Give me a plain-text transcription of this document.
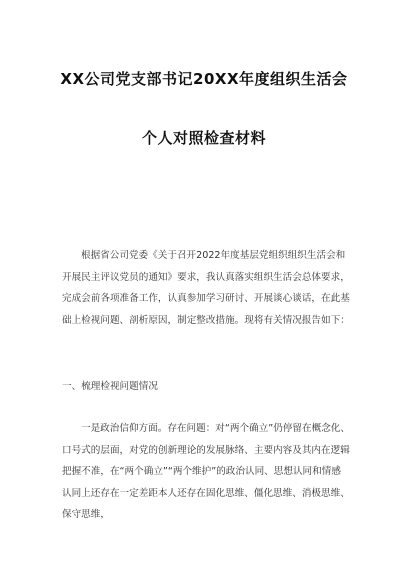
XX公司党支部书记20XX年度组织生活会
个人对照检查材料
根据省公司党委《关于召开2022年度基层党组织组织生活会和开展民主评议党员的通知》要求，我认真落实组织生活会总体要求，完成会前各项准备工作，认真参加学习研讨、开展谈心谈话，在此基础上检视问题、剖析原因，制定整改措施。现将有关情况报告如下：
一、梳理检视问题情况
一是政治信仰方面。存在问题：对“两个确立”仍停留在概念化、口号式的层面，对党的创新理论的发展脉络、主要内容及其内在逻辑把握不准，在“两个确立”“两个维护”的政治认同、思想认同和情感认同上还存在一定差距本人还存在固化思维、僵化思维、消极思维、保守思维，
